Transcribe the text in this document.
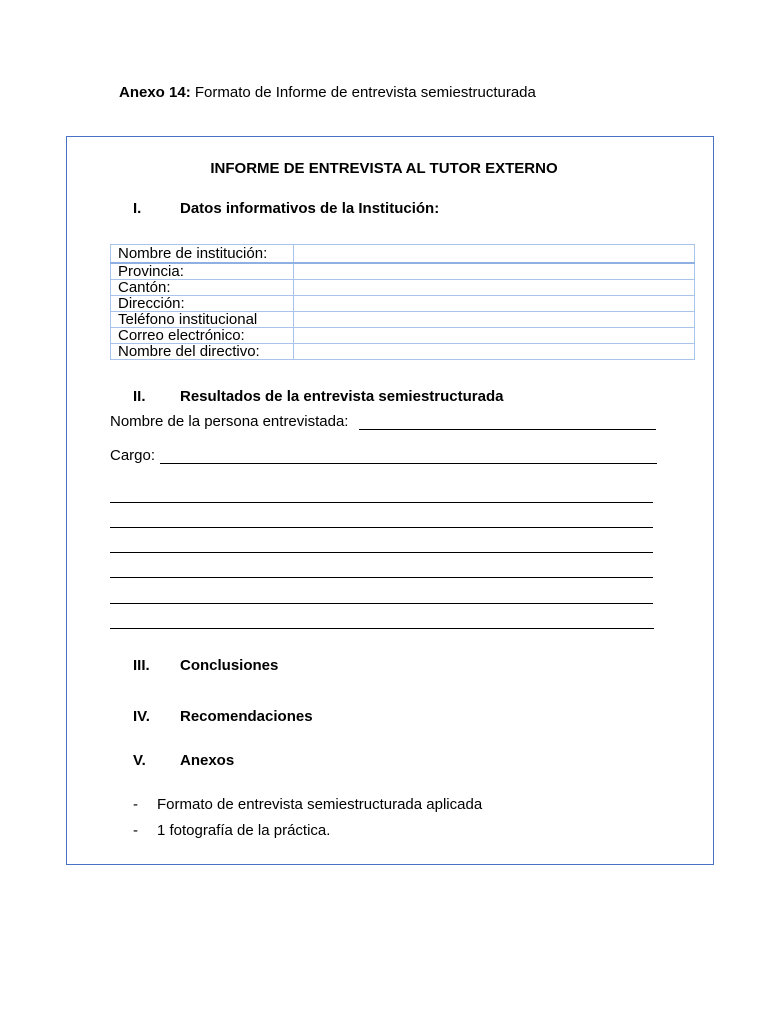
Anexo 14: Formato de Informe de entrevista semiestructurada
INFORME DE ENTREVISTA AL TUTOR EXTERNO
I.	Datos informativos de la Institución:
Nombre de institución:	
Provincia:	
Cantón:	
Dirección:	
Teléfono institucional	
Correo electrónico:	
Nombre del directivo:	
II. Resultados de la entrevista semiestructurada
Nombre de la persona entrevistada:
Cargo:
III. Conclusiones
IV. Recomendaciones
V. Anexos
- Formato de entrevista semiestructurada aplicada
- 1 fotografía de la práctica.
